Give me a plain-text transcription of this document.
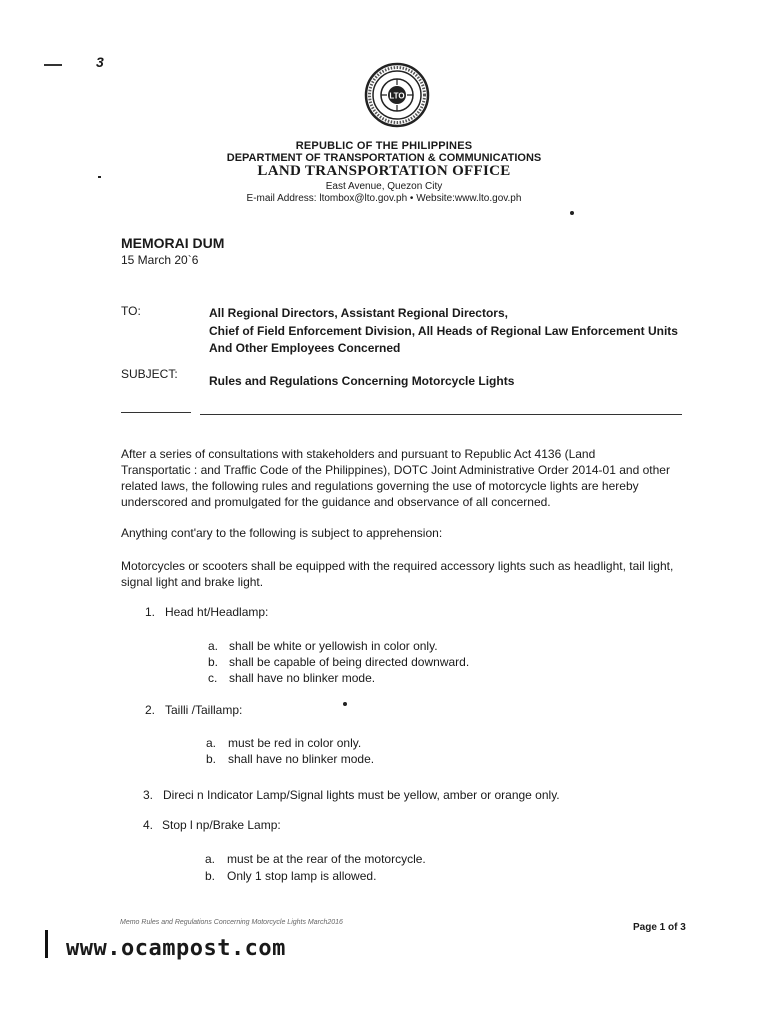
3
LTO
REPUBLIC OF THE PHILIPPINES
DEPARTMENT OF TRANSPORTATION & COMMUNICATIONS
LAND TRANSPORTATION OFFICE
East Avenue, Quezon City
E-mail Address: ltombox@lto.gov.ph • Website:www.lto.gov.ph
MEMORAI DUM
15 March 20`6
TO:	All Regional Directors, Assistant Regional Directors,
Chief of Field Enforcement Division, All Heads of Regional Law Enforcement Units
And Other Employees Concerned
SUBJECT:	Rules and Regulations Concerning Motorcycle Lights
After a series of consultations with stakeholders and pursuant to Republic Act 4136 (Land
Transportatic : and Traffic Code of the Philippines), DOTC Joint Administrative Order 2014-01 and other
related laws, the following rules and regulations governing the use of motorcycle lights are hereby
underscored and promulgated for the guidance and observance of all concerned.
Anything cont'ary to the following is subject to apprehension:
Motorcycles or scooters shall be equipped with the required accessory lights such as headlight, tail light,
signal light and brake light.
1. Head ht/Headlamp:
a. shall be white or yellowish in color only.
b. shall be capable of being directed downward.
c. shall have no blinker mode.
2. Tailli /Taillamp:
a. must be red in color only.
b. shall have no blinker mode.
3. Direci n Indicator Lamp/Signal lights must be yellow, amber or orange only.
4. Stop l np/Brake Lamp:
a. must be at the rear of the motorcycle.
b. Only 1 stop lamp is allowed.
Memo Rules and Regulations Concerning Motorcycle Lights March2016	Page 1 of 3
www.ocampost.com
